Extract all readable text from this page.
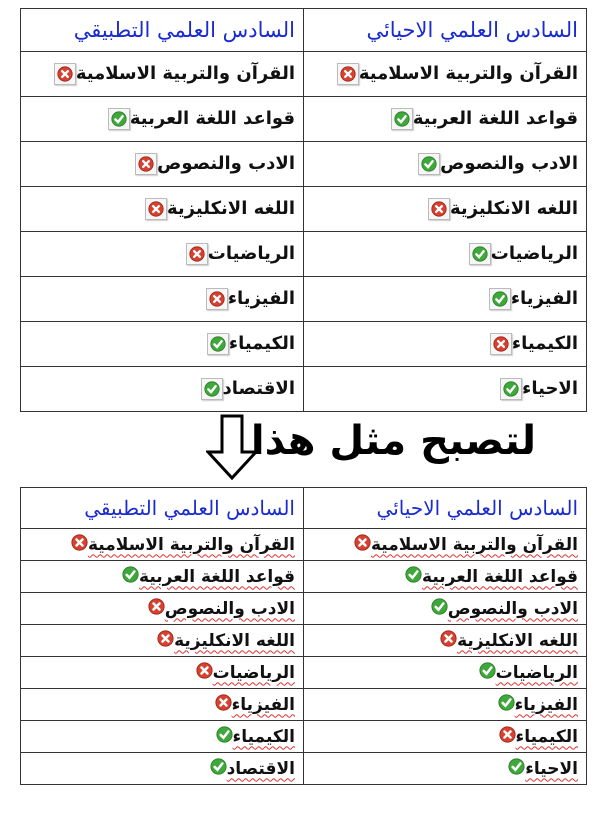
السادس العلمي الاحيائي	السادس العلمي التطبيقي
القرآن والتربية الاسلامية	القرآن والتربية الاسلامية

قواعد اللغة العربية	قواعد اللغة العربية

الادب والنصوص	الادب والنصوص

اللغه الانكليزية	اللغه الانكليزية

الرياضيات	الرياضيات

الفيزياء	الفيزياء

الكيمياء	الكيمياء

الاحياء	الاقتصاد
لتصبح مثل هذا
السادس العلمي الاحيائي	السادس العلمي التطبيقي
القرآن والتربية الاسلامية	القرآن والتربية الاسلامية
قواعد اللغة العربية	قواعد اللغة العربية
الادب والنصوص	الادب والنصوص
اللغه الانكليزية	اللغه الانكليزية
الرياضيات	الرياضيات
الفيزياء	الفيزياء
الكيمياء	الكيمياء
الاحياء	الاقتصاد
